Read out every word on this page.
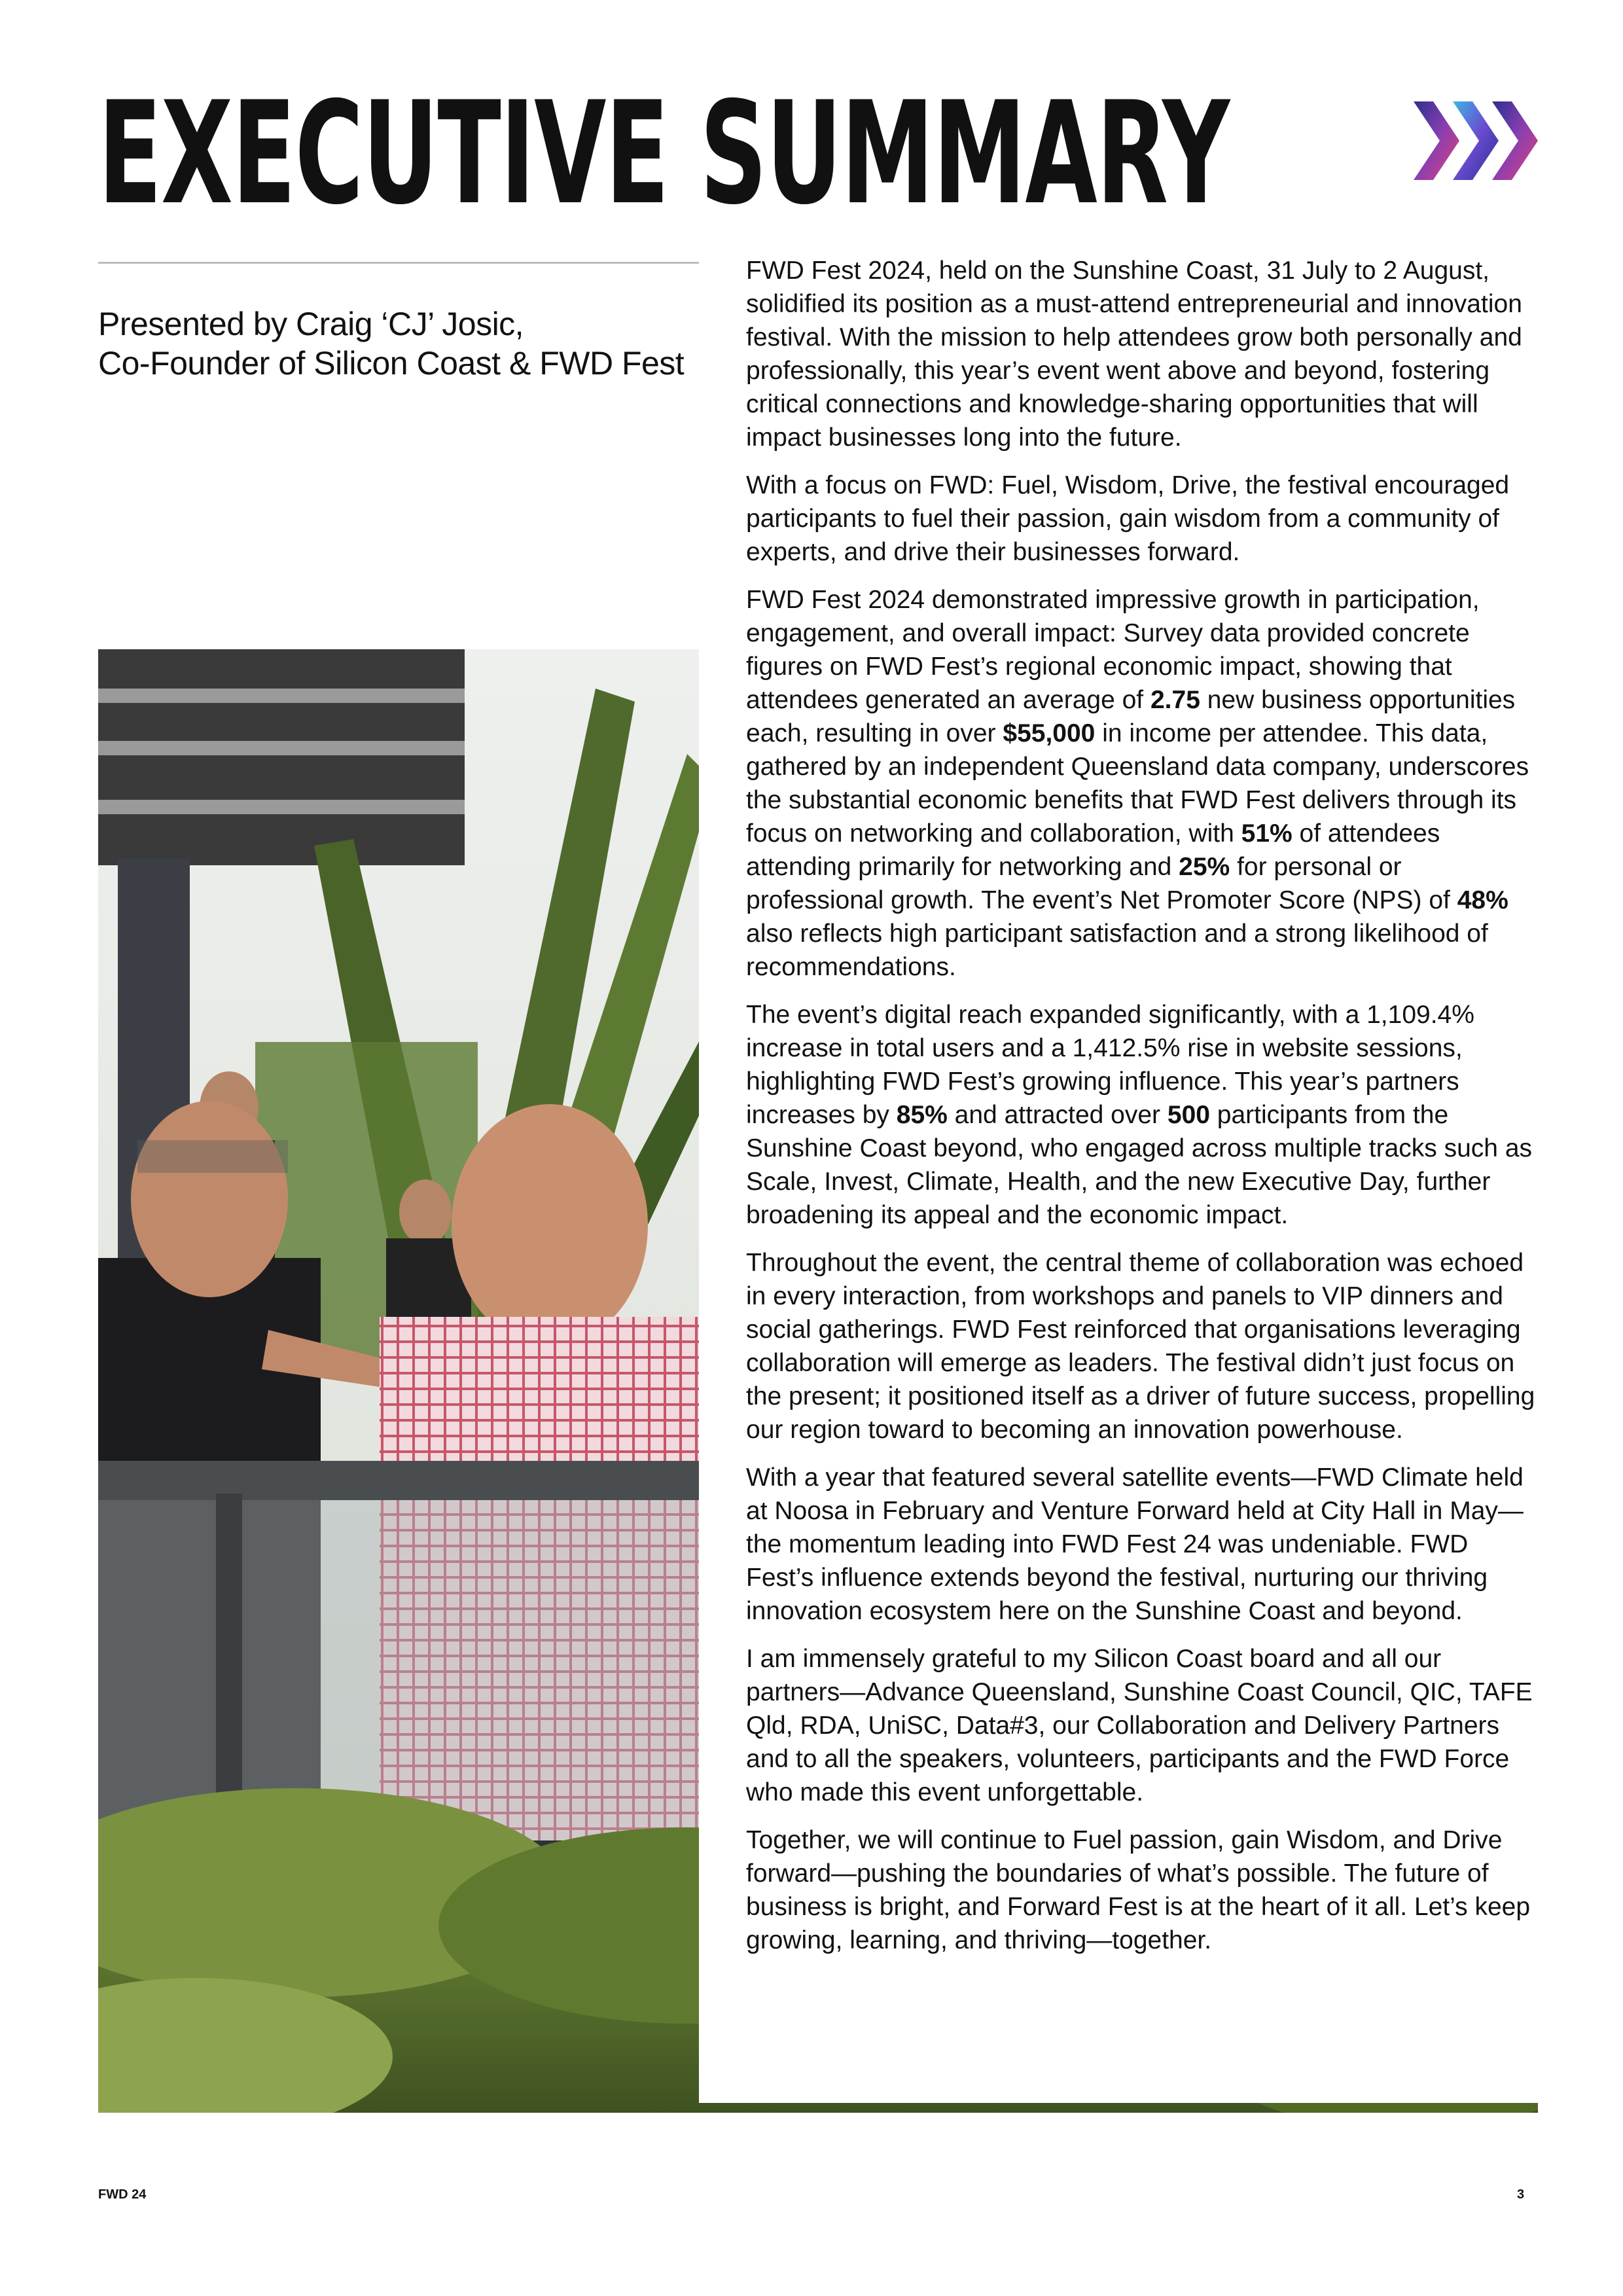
EXECUTIVE SUMMARY
Presented by Craig ‘CJ’ Josic,
Co-Founder of Silicon Coast & FWD Fest

FWD Fest 2024, held on the Sunshine Coast, 31 July to 2 August, solidified its position as a must-attend entrepreneurial and innovation festival. With the mission to help attendees grow both personally and professionally, this year’s event went above and beyond, fostering critical connections and knowledge-sharing opportunities that will impact businesses long into the future.

With a focus on FWD: Fuel, Wisdom, Drive, the festival encouraged participants to fuel their passion, gain wisdom from a community of experts, and drive their businesses forward.

FWD Fest 2024 demonstrated impressive growth in participation, engagement, and overall impact: Survey data provided concrete figures on FWD Fest’s regional economic impact, showing that attendees generated an average of 2.75 new business opportunities each, resulting in over $55,000 in income per attendee. This data, gathered by an independent Queensland data company, underscores the substantial economic benefits that FWD Fest delivers through its focus on networking and collaboration, with 51% of attendees attending primarily for networking and 25% for personal or professional growth. The event’s Net Promoter Score (NPS) of 48% also reflects high participant satisfaction and a strong likelihood of recommendations.

The event’s digital reach expanded significantly, with a 1,109.4% increase in total users and a 1,412.5% rise in website sessions, highlighting FWD Fest’s growing influence. This year’s partners increases by 85% and attracted over 500 participants from the Sunshine Coast beyond, who engaged across multiple tracks such as Scale, Invest, Climate, Health, and the new Executive Day, further broadening its appeal and the economic impact.

Throughout the event, the central theme of collaboration was echoed in every interaction, from workshops and panels to VIP dinners and social gatherings. FWD Fest reinforced that organisations leveraging collaboration will emerge as leaders. The festival didn’t just focus on the present; it positioned itself as a driver of future success, propelling our region toward to becoming an innovation powerhouse.

With a year that featured several satellite events—FWD Climate held at Noosa in February and Venture Forward held at City Hall in May—the momentum leading into FWD Fest 24 was undeniable. FWD Fest’s influence extends beyond the festival, nurturing our thriving innovation ecosystem here on the Sunshine Coast and beyond.

I am immensely grateful to my Silicon Coast board and all our partners—Advance Queensland, Sunshine Coast Council, QIC, TAFE Qld, RDA, UniSC, Data#3, our Collaboration and Delivery Partners and to all the speakers, volunteers, participants and the FWD Force who made this event unforgettable.

Together, we will continue to Fuel passion, gain Wisdom, and Drive forward—pushing the boundaries of what’s possible. The future of business is bright, and Forward Fest is at the heart of it all. Let’s keep growing, learning, and thriving—together.

FWD 24	3
